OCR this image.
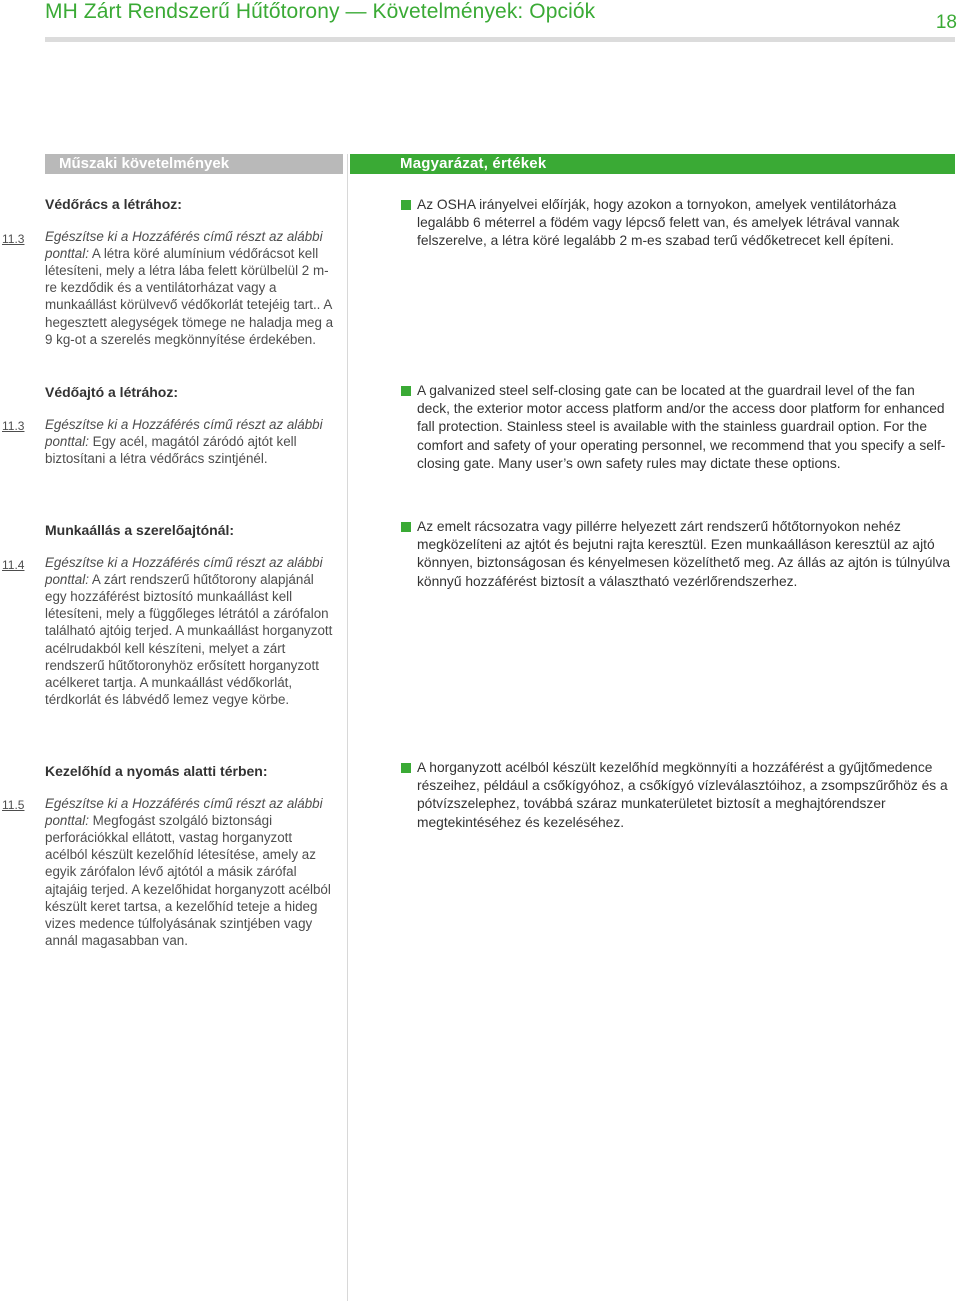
MH Zárt Rendszerű Hűtőtorony — Követelmények: Opciók	18
Műszaki követelmények	Magyarázat, értékek
Védőrács a létrához:
Egészítse ki a Hozzáférés című részt az alábbi ponttal: A létra köré alumínium védőrácsot kell létesíteni, mely a létra lába felett körülbelül 2 m-re kezdődik és a ventilátorházat vagy a munkaállást körülvevő védőkorlát tetejéig tart.. A hegesztett alegységek tömege ne haladja meg a 9 kg-ot a szerelés megkönnyítése érdekében.
11.3
Védőajtó a létrához:
Egészítse ki a Hozzáférés című részt az alábbi ponttal: Egy acél, magától záródó ajtót kell biztosítani a létra védőrács szintjénél.
11.3
Munkaállás a szerelőajtónál:
Egészítse ki a Hozzáférés című részt az alábbi ponttal: A zárt rendszerű hűtőtorony alapjánál egy hozzáférést biztosító munkaállást kell létesíteni, mely a függőleges létrától a zárófalon található ajtóig terjed. A munkaállást horganyzott acélrudakból kell készíteni, melyet a zárt rendszerű hűtőtoronyhöz erősített horganyzott acélkeret tartja. A munkaállást védőkorlát, térdkorlát és lábvédő lemez vegye körbe.
11.4
Kezelőhíd a nyomás alatti térben:
Egészítse ki a Hozzáférés című részt az alábbi ponttal: Megfogást szolgáló biztonsági perforációkkal ellátott, vastag horganyzott acélból készült kezelőhíd létesítése, amely az egyik zárófalon lévő ajtótól a másik zárófal ajtajáig terjed. A kezelőhidat horganyzott acélból készült keret tartsa, a kezelőhíd teteje a hideg vizes medence túlfolyásának szintjében vagy annál magasabban van.
11.5
Az OSHA irányelvei előírják, hogy azokon a tornyokon, amelyek ventilátorháza legalább 6 méterrel a födém vagy lépcső felett van, és amelyek létrával vannak felszerelve, a létra köré legalább 2 m-es szabad terű védőketrecet kell építeni.
A galvanized steel self-closing gate can be located at the guardrail level of the fan deck, the exterior motor access platform and/or the access door platform for enhanced fall protection. Stainless steel is available with the stainless guardrail option. For the comfort and safety of your operating personnel, we recommend that you specify a self-closing gate. Many user’s own safety rules may dictate these options.
Az emelt rácsozatra vagy pillérre helyezett zárt rendszerű hőtőtornyokon nehéz megközelíteni az ajtót és bejutni rajta keresztül. Ezen munkaálláson keresztül az ajtó könnyen, biztonságosan és kényelmesen közelíthető meg. Az állás az ajtón is túlnyúlva könnyű hozzáférést biztosít a választható vezérlőrendszerhez.
A horganyzott acélból készült kezelőhíd megkönnyíti a hozzáférést a gyűjtőmedence részeihez, például a csőkígyóhoz, a csőkígyó vízleválasztóihoz, a zsompszűrőhöz és a pótvízszelephez, továbbá száraz munkaterületet biztosít a meghajtórendszer megtekintéséhez és kezeléséhez.
